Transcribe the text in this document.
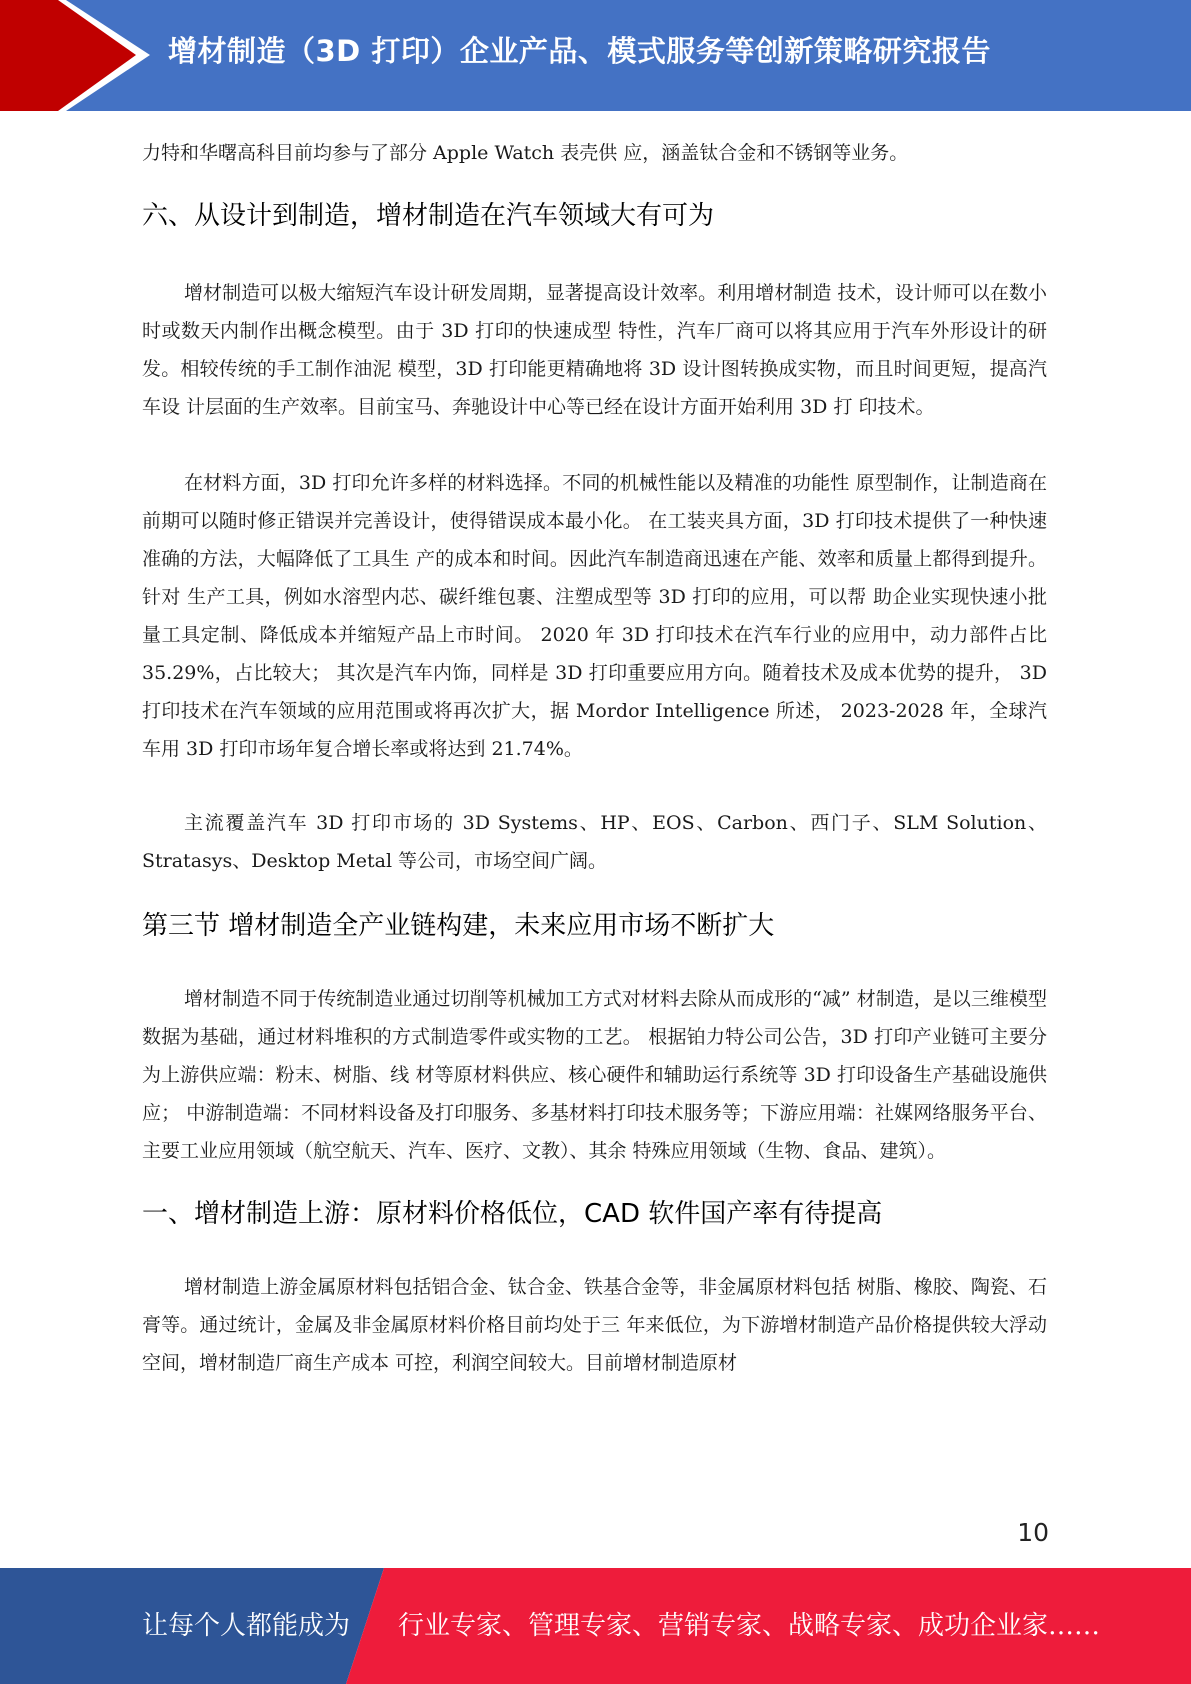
增材制造（3D 打印）企业产品、模式服务等创新策略研究报告

力特和华曙高科目前均参与了部分 Apple Watch 表壳供 应，涵盖钛合金和不锈钢等业务。

六、从设计到制造，增材制造在汽车领域大有可为

增材制造可以极大缩短汽车设计研发周期，显著提高设计效率。利用增材制造 技术，设计师可以在数小时或数天内制作出概念模型。由于 3D 打印的快速成型 特性，汽车厂商可以将其应用于汽车外形设计的研发。相较传统的手工制作油泥 模型，3D 打印能更精确地将 3D 设计图转换成实物，而且时间更短，提高汽车设 计层面的生产效率。目前宝马、奔驰设计中心等已经在设计方面开始利用 3D 打 印技术。

在材料方面，3D 打印允许多样的材料选择。不同的机械性能以及精准的功能性 原型制作，让制造商在前期可以随时修正错误并完善设计，使得错误成本最小化。 在工装夹具方面，3D 打印技术提供了一种快速准确的方法，大幅降低了工具生 产的成本和时间。因此汽车制造商迅速在产能、效率和质量上都得到提升。针对 生产工具，例如水溶型内芯、碳纤维包裹、注塑成型等 3D 打印的应用，可以帮 助企业实现快速小批量工具定制、降低成本并缩短产品上市时间。 2020 年 3D 打印技术在汽车行业的应用中，动力部件占比 35.29%，占比较大； 其次是汽车内饰，同样是 3D 打印重要应用方向。随着技术及成本优势的提升， 3D 打印技术在汽车领域的应用范围或将再次扩大，据 Mordor Intelligence 所述， 2023-2028 年，全球汽车用 3D 打印市场年复合增长率或将达到 21.74%。

主流覆盖汽车 3D 打印市场的 3D Systems、HP、EOS、Carbon、西门子、SLM Solution、Stratasys、Desktop Metal 等公司，市场空间广阔。

第三节 增材制造全产业链构建，未来应用市场不断扩大

增材制造不同于传统制造业通过切削等机械加工方式对材料去除从而成形的“减” 材制造，是以三维模型数据为基础，通过材料堆积的方式制造零件或实物的工艺。 根据铂力特公司公告，3D 打印产业链可主要分为上游供应端：粉末、树脂、线 材等原材料供应、核心硬件和辅助运行系统等 3D 打印设备生产基础设施供应； 中游制造端：不同材料设备及打印服务、多基材料打印技术服务等；下游应用端：社媒网络服务平台、主要工业应用领域（航空航天、汽车、医疗、文教）、其余 特殊应用领域（生物、食品、建筑）。

一、增材制造上游：原材料价格低位，CAD 软件国产率有待提高

增材制造上游金属原材料包括铝合金、钛合金、铁基合金等，非金属原材料包括 树脂、橡胶、陶瓷、石膏等。通过统计，金属及非金属原材料价格目前均处于三 年来低位，为下游增材制造产品价格提供较大浮动空间，增材制造厂商生产成本 可控，利润空间较大。目前增材制造原材

10
让每个人都能成为 行业专家、管理专家、营销专家、战略专家、成功企业家……
